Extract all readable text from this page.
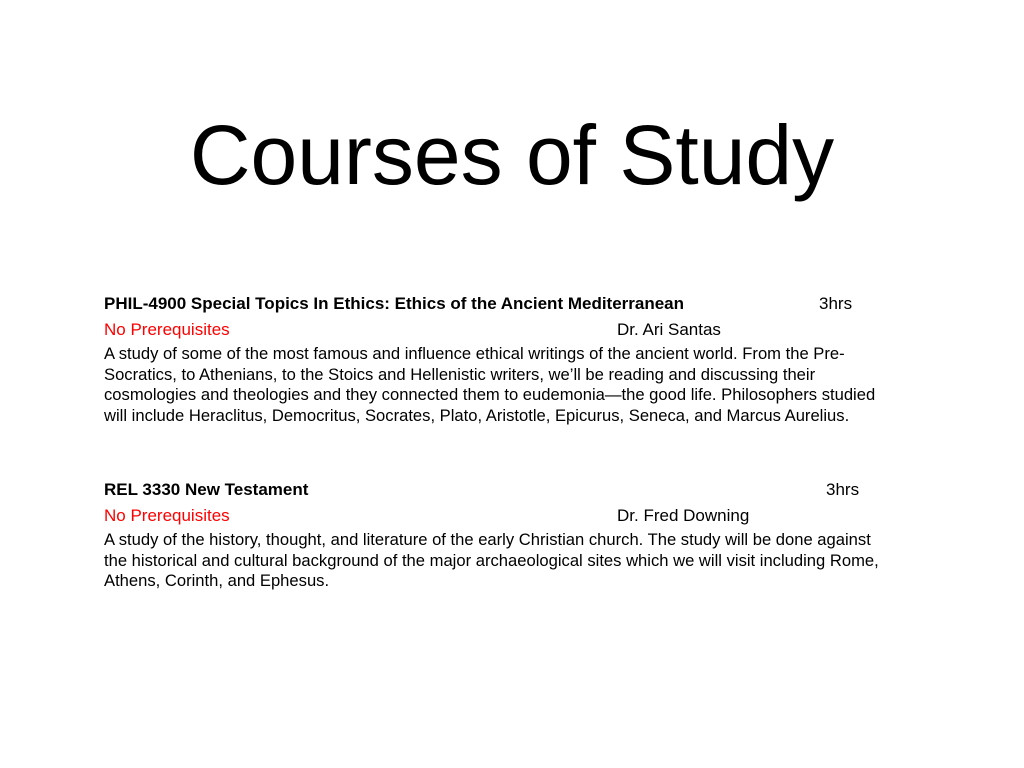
Courses of Study
PHIL-4900 Special Topics In Ethics: Ethics of the Ancient Mediterranean	3hrs
No Prerequisites	Dr. Ari Santas

A study of some of the most famous and influence ethical writings of the ancient world. From the Pre-Socratics, to Athenians, to the Stoics and Hellenistic writers, we’ll be reading and discussing their cosmologies and theologies and they connected them to eudemonia—the good life. Philosophers studied will include Heraclitus, Democritus, Socrates, Plato, Aristotle, Epicurus, Seneca, and Marcus Aurelius.

REL 3330 New Testament	3hrs
No Prerequisites	Dr. Fred Downing

A study of the history, thought, and literature of the early Christian church. The study will be done against the historical and cultural background of the major archaeological sites which we will visit including Rome, Athens, Corinth, and Ephesus.
